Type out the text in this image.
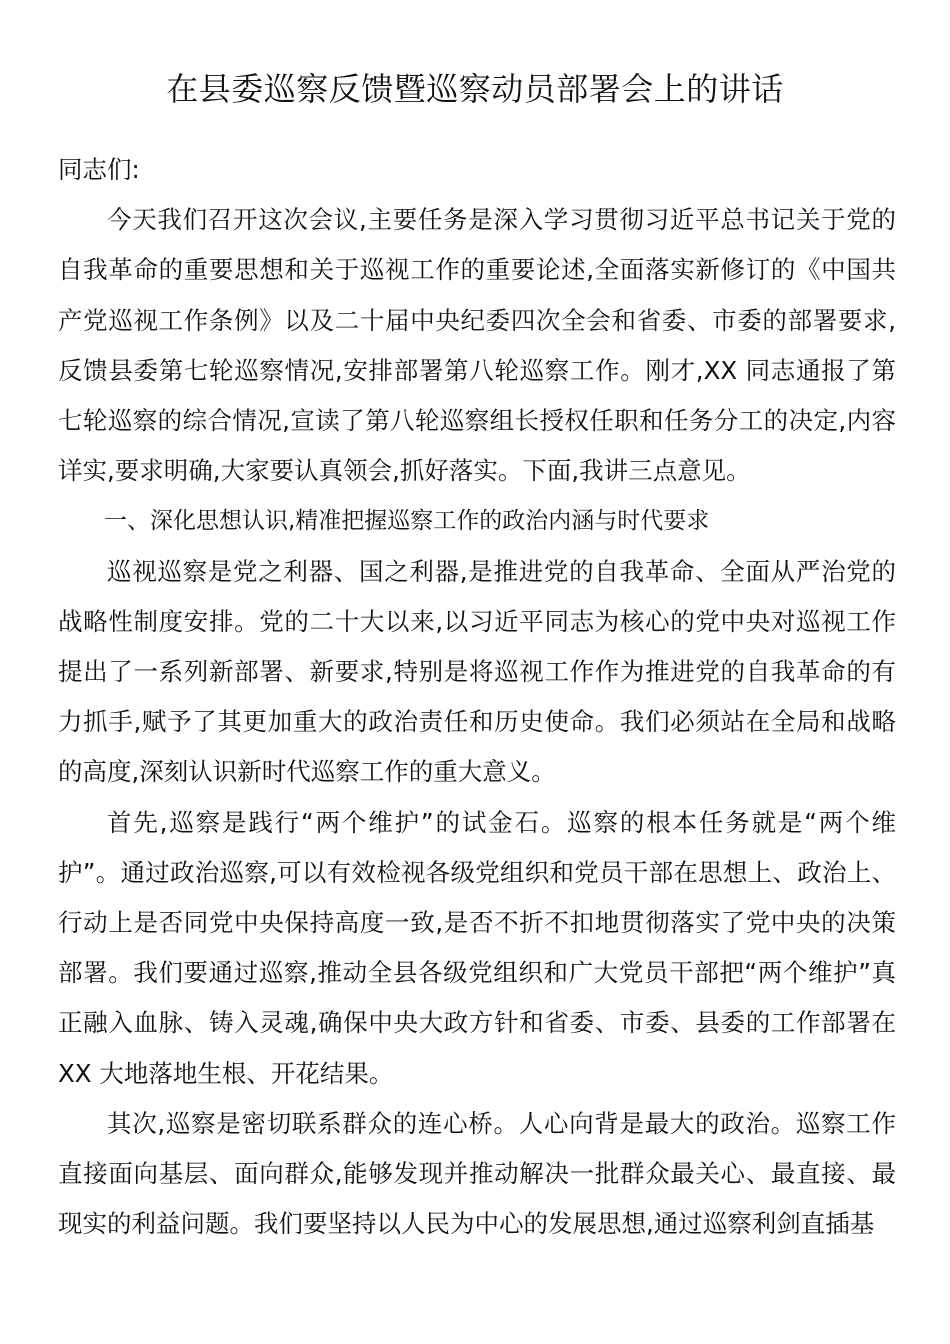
在县委巡察反馈暨巡察动员部署会上的讲话

同志们:

今天我们召开这次会议,主要任务是深入学习贯彻习近平总书记关于党的自我革命的重要思想和关于巡视工作的重要论述,全面落实新修订的《中国共产党巡视工作条例》以及二十届中央纪委四次全会和省委、市委的部署要求,反馈县委第七轮巡察情况,安排部署第八轮巡察工作。刚才,XX 同志通报了第七轮巡察的综合情况,宣读了第八轮巡察组长授权任职和任务分工的决定,内容详实,要求明确,大家要认真领会,抓好落实。下面,我讲三点意见。

一、深化思想认识,精准把握巡察工作的政治内涵与时代要求

巡视巡察是党之利器、国之利器,是推进党的自我革命、全面从严治党的战略性制度安排。党的二十大以来,以习近平同志为核心的党中央对巡视工作提出了一系列新部署、新要求,特别是将巡视工作作为推进党的自我革命的有力抓手,赋予了其更加重大的政治责任和历史使命。我们必须站在全局和战略的高度,深刻认识新时代巡察工作的重大意义。

首先,巡察是践行“两个维护”的试金石。巡察的根本任务就是“两个维护”。通过政治巡察,可以有效检视各级党组织和党员干部在思想上、政治上、行动上是否同党中央保持高度一致,是否不折不扣地贯彻落实了党中央的决策部署。我们要通过巡察,推动全县各级党组织和广大党员干部把“两个维护”真正融入血脉、铸入灵魂,确保中央大政方针和省委、市委、县委的工作部署在 XX 大地落地生根、开花结果。

其次,巡察是密切联系群众的连心桥。人心向背是最大的政治。巡察工作直接面向基层、面向群众,能够发现并推动解决一批群众最关心、最直接、最现实的利益问题。我们要坚持以人民为中心的发展思想,通过巡察利剑直插基
